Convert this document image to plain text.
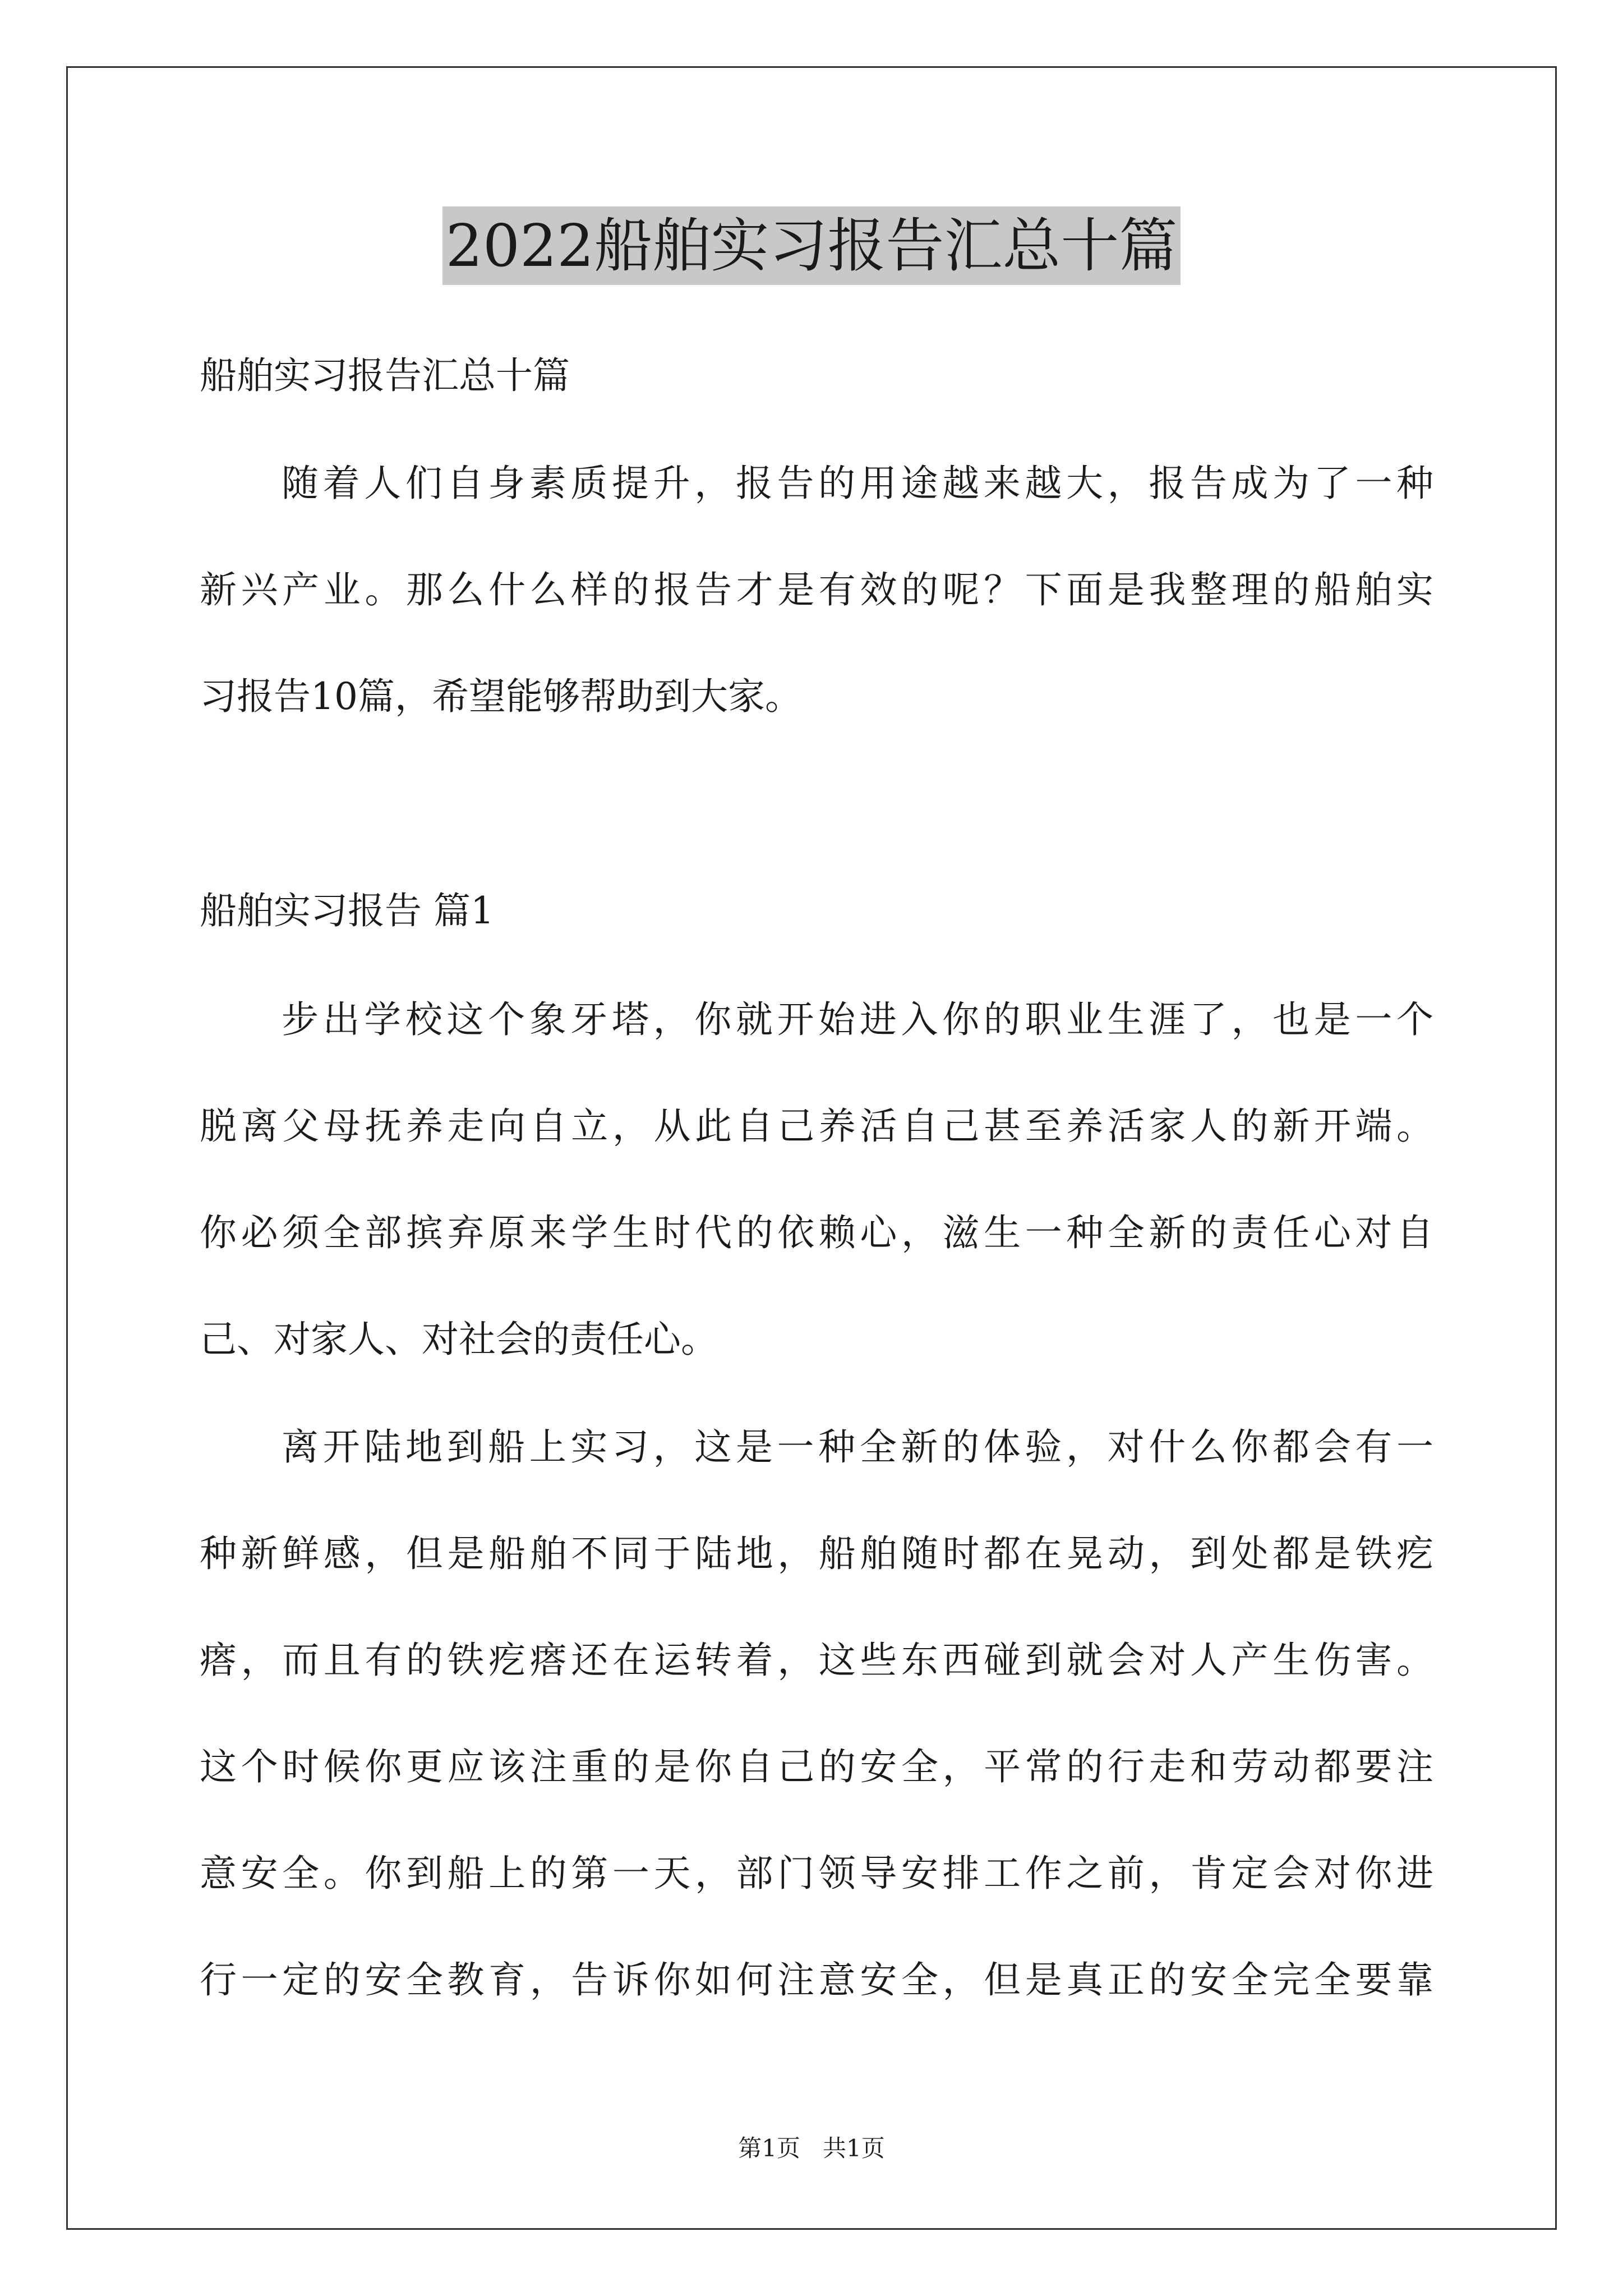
2022船舶实习报告汇总十篇
船舶实习报告汇总十篇
随着人们自身素质提升，报告的用途越来越大，报告成为了一种
新兴产业。那么什么样的报告才是有效的呢？下面是我整理的船舶实
习报告10篇，希望能够帮助到大家。
船舶实习报告 篇1
步出学校这个象牙塔，你就开始进入你的职业生涯了，也是一个
脱离父母抚养走向自立，从此自己养活自己甚至养活家人的新开端。
你必须全部摈弃原来学生时代的依赖心，滋生一种全新的责任心对自
己、对家人、对社会的责任心。
离开陆地到船上实习，这是一种全新的体验，对什么你都会有一
种新鲜感，但是船舶不同于陆地，船舶随时都在晃动，到处都是铁疙
瘩，而且有的铁疙瘩还在运转着，这些东西碰到就会对人产生伤害。
这个时候你更应该注重的是你自己的安全，平常的行走和劳动都要注
意安全。你到船上的第一天，部门领导安排工作之前，肯定会对你进
行一定的安全教育，告诉你如何注意安全，但是真正的安全完全要靠
第1页   共1页
